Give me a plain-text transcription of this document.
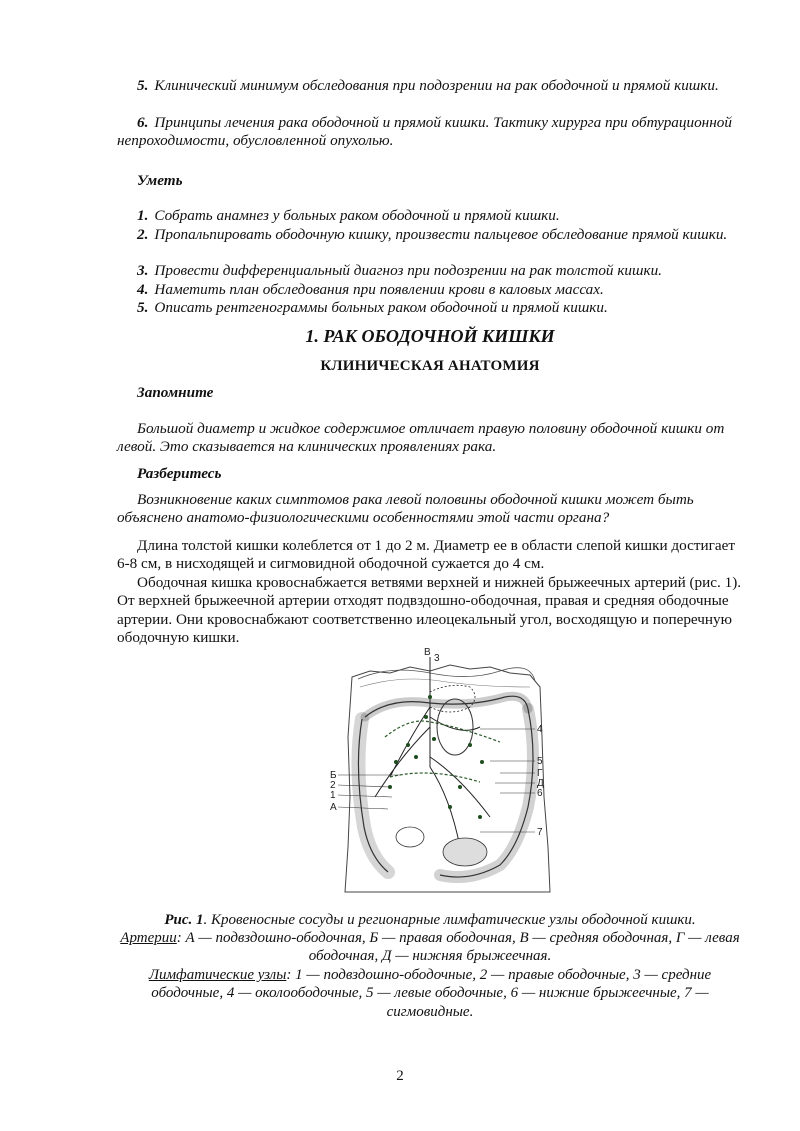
5. Клинический минимум обследования при подозрении на рак ободочной и прямой кишки.

6. Принципы лечения рака ободочной и прямой кишки. Тактику хирурга при обтурационной непроходимости, обусловленной опухолью.

Уметь

1. Собрать анамнез у больных раком ободочной и прямой кишки.

2. Пропальпировать ободочную кишку, произвести пальцевое обследование прямой кишки.

3. Провести дифференциальный диагноз при подозрении на рак толстой кишки.

4. Наметить план обследования при появлении крови в каловых массах.

5. Описать рентгенограммы больных раком ободочной и прямой кишки.

1. РАК ОБОДОЧНОЙ КИШКИ

КЛИНИЧЕСКАЯ АНАТОМИЯ

Запомните

Большой диаметр и жидкое содержимое отличает правую половину ободочной кишки от левой. Это сказывается на клинических проявлениях рака.

Разберитесь

Возникновение каких симптомов рака левой половины ободочной кишки может быть объяснено анатомо-физиологическими особенностями этой части органа?

Длина толстой кишки колеблется от 1 до 2 м. Диаметр ее в области слепой кишки достигает 6-8 см, в нисходящей и сигмовидной ободочной сужается до 4 см.

Ободочная кишка кровоснабжается ветвями верхней и нижней брыжеечных артерий (рис. 1). От верхней брыжеечной артерии отходят подвздошно-ободочная, правая и средняя ободочные артерии. Они кровоснабжают соответственно илеоцекальный угол, восходящую и поперечную ободочную кишки.

Б
2
1
А
В
3
4
5
Г
Д
6
7

Рис. 1. Кровеносные сосуды и регионарные лимфатические узлы ободочной кишки.

Артерии: А — подвздошно-ободочная, Б — правая ободочная, В — средняя ободочная, Г — левая ободочная, Д — нижняя брыжеечная.

Лимфатические узлы: 1 — подвздошно-ободочные, 2 — правые ободочные, 3 — средние ободочные, 4 — околоободочные, 5 — левые ободочные, 6 — нижние брыжеечные, 7 — сигмовидные.

2
